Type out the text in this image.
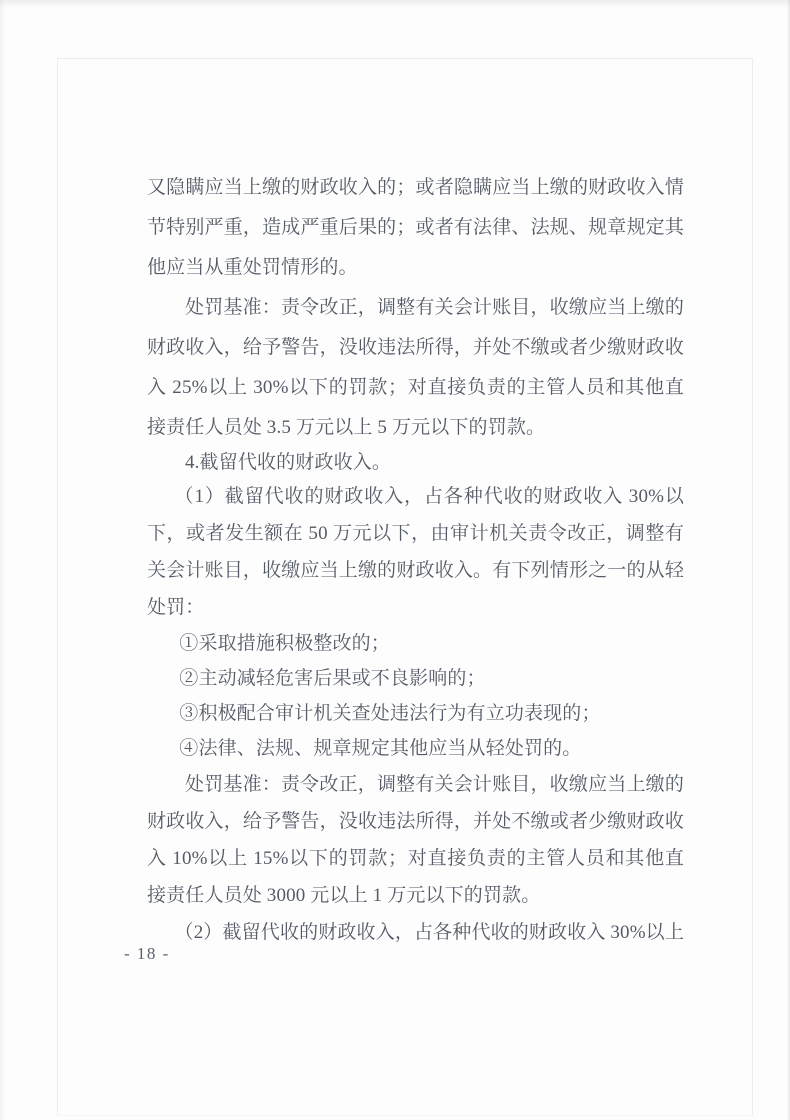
又隐瞒应当上缴的财政收入的；或者隐瞒应当上缴的财政收入情节特别严重，造成严重后果的；或者有法律、法规、规章规定其他应当从重处罚情形的。

处罚基准：责令改正，调整有关会计账目，收缴应当上缴的财政收入，给予警告，没收违法所得，并处不缴或者少缴财政收入 25%以上 30%以下的罚款；对直接负责的主管人员和其他直接责任人员处 3.5 万元以上 5 万元以下的罚款。

4.截留代收的财政收入。

（1）截留代收的财政收入，占各种代收的财政收入 30%以下，或者发生额在 50 万元以下，由审计机关责令改正，调整有关会计账目，收缴应当上缴的财政收入。有下列情形之一的从轻处罚：

①采取措施积极整改的；

②主动减轻危害后果或不良影响的；

③积极配合审计机关查处违法行为有立功表现的；

④法律、法规、规章规定其他应当从轻处罚的。

处罚基准：责令改正，调整有关会计账目，收缴应当上缴的财政收入，给予警告，没收违法所得，并处不缴或者少缴财政收入 10%以上 15%以下的罚款；对直接负责的主管人员和其他直接责任人员处 3000 元以上 1 万元以下的罚款。

（2）截留代收的财政收入，占各种代收的财政收入 30%以上

- 18 -
